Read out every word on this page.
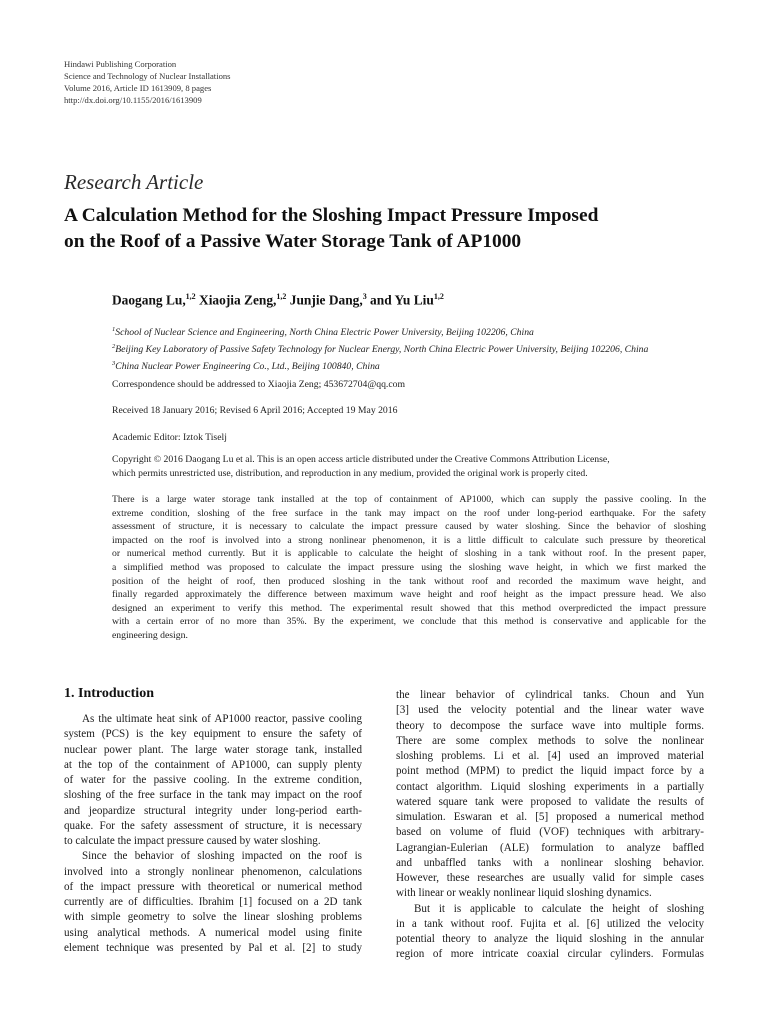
Hindawi Publishing Corporation
Science and Technology of Nuclear Installations
Volume 2016, Article ID 1613909, 8 pages
http://dx.doi.org/10.1155/2016/1613909
Research Article
A Calculation Method for the Sloshing Impact Pressure Imposed
on the Roof of a Passive Water Storage Tank of AP1000
Daogang Lu,$^{1,2}$ Xiaojia Zeng,$^{1,2}$ Junjie Dang,$^3$ and Yu Liu$^{1,2}$
$^1$School of Nuclear Science and Engineering, North China Electric Power University, Beijing 102206, China
$^2$Beijing Key Laboratory of Passive Safety Technology for Nuclear Energy, North China Electric Power University, Beijing 102206, China
$^3$China Nuclear Power Engineering Co., Ltd., Beijing 100840, China
Correspondence should be addressed to Xiaojia Zeng; 453672704@qq.com
Received 18 January 2016; Revised 6 April 2016; Accepted 19 May 2016
Academic Editor: Iztok Tiselj
Copyright © 2016 Daogang Lu et al. This is an open access article distributed under the Creative Commons Attribution License,
which permits unrestricted use, distribution, and reproduction in any medium, provided the original work is properly cited.
There is a large water storage tank installed at the top of containment of AP1000, which can supply the passive cooling. In the
extreme condition, sloshing of the free surface in the tank may impact on the roof under long-period earthquake. For the safety
assessment of structure, it is necessary to calculate the impact pressure caused by water sloshing. Since the behavior of sloshing
impacted on the roof is involved into a strong nonlinear phenomenon, it is a little difficult to calculate such pressure by theoretical
or numerical method currently. But it is applicable to calculate the height of sloshing in a tank without roof. In the present paper,
a simplified method was proposed to calculate the impact pressure using the sloshing wave height, in which we first marked the
position of the height of roof, then produced sloshing in the tank without roof and recorded the maximum wave height, and
finally regarded approximately the difference between maximum wave height and roof height as the impact pressure head. We also
designed an experiment to verify this method. The experimental result showed that this method overpredicted the impact pressure
with a certain error of no more than 35%. By the experiment, we conclude that this method is conservative and applicable for the
engineering design.
1. Introduction
As the ultimate heat sink of AP1000 reactor, passive cooling
system (PCS) is the key equipment to ensure the safety of
nuclear power plant. The large water storage tank, installed
at the top of the containment of AP1000, can supply plenty
of water for the passive cooling. In the extreme condition,
sloshing of the free surface in the tank may impact on the roof
and jeopardize structural integrity under long-period earth-
quake. For the safety assessment of structure, it is necessary
to calculate the impact pressure caused by water sloshing.
Since the behavior of sloshing impacted on the roof is
involved into a strongly nonlinear phenomenon, calculations
of the impact pressure with theoretical or numerical method
currently are of difficulties. Ibrahim [1] focused on a 2D tank
with simple geometry to solve the linear sloshing problems
using analytical methods. A numerical model using finite
element technique was presented by Pal et al. [2] to study
the linear behavior of cylindrical tanks. Choun and Yun
[3] used the velocity potential and the linear water wave
theory to decompose the surface wave into multiple forms.
There are some complex methods to solve the nonlinear
sloshing problems. Li et al. [4] used an improved material
point method (MPM) to predict the liquid impact force by a
contact algorithm. Liquid sloshing experiments in a partially
watered square tank were proposed to validate the results of
simulation. Eswaran et al. [5] proposed a numerical method
based on volume of fluid (VOF) techniques with arbitrary-
Lagrangian-Eulerian (ALE) formulation to analyze baffled
and unbaffled tanks with a nonlinear sloshing behavior.
However, these researches are usually valid for simple cases
with linear or weakly nonlinear liquid sloshing dynamics.
But it is applicable to calculate the height of sloshing
in a tank without roof. Fujita et al. [6] utilized the velocity
potential theory to analyze the liquid sloshing in the annular
region of more intricate coaxial circular cylinders. Formulas
